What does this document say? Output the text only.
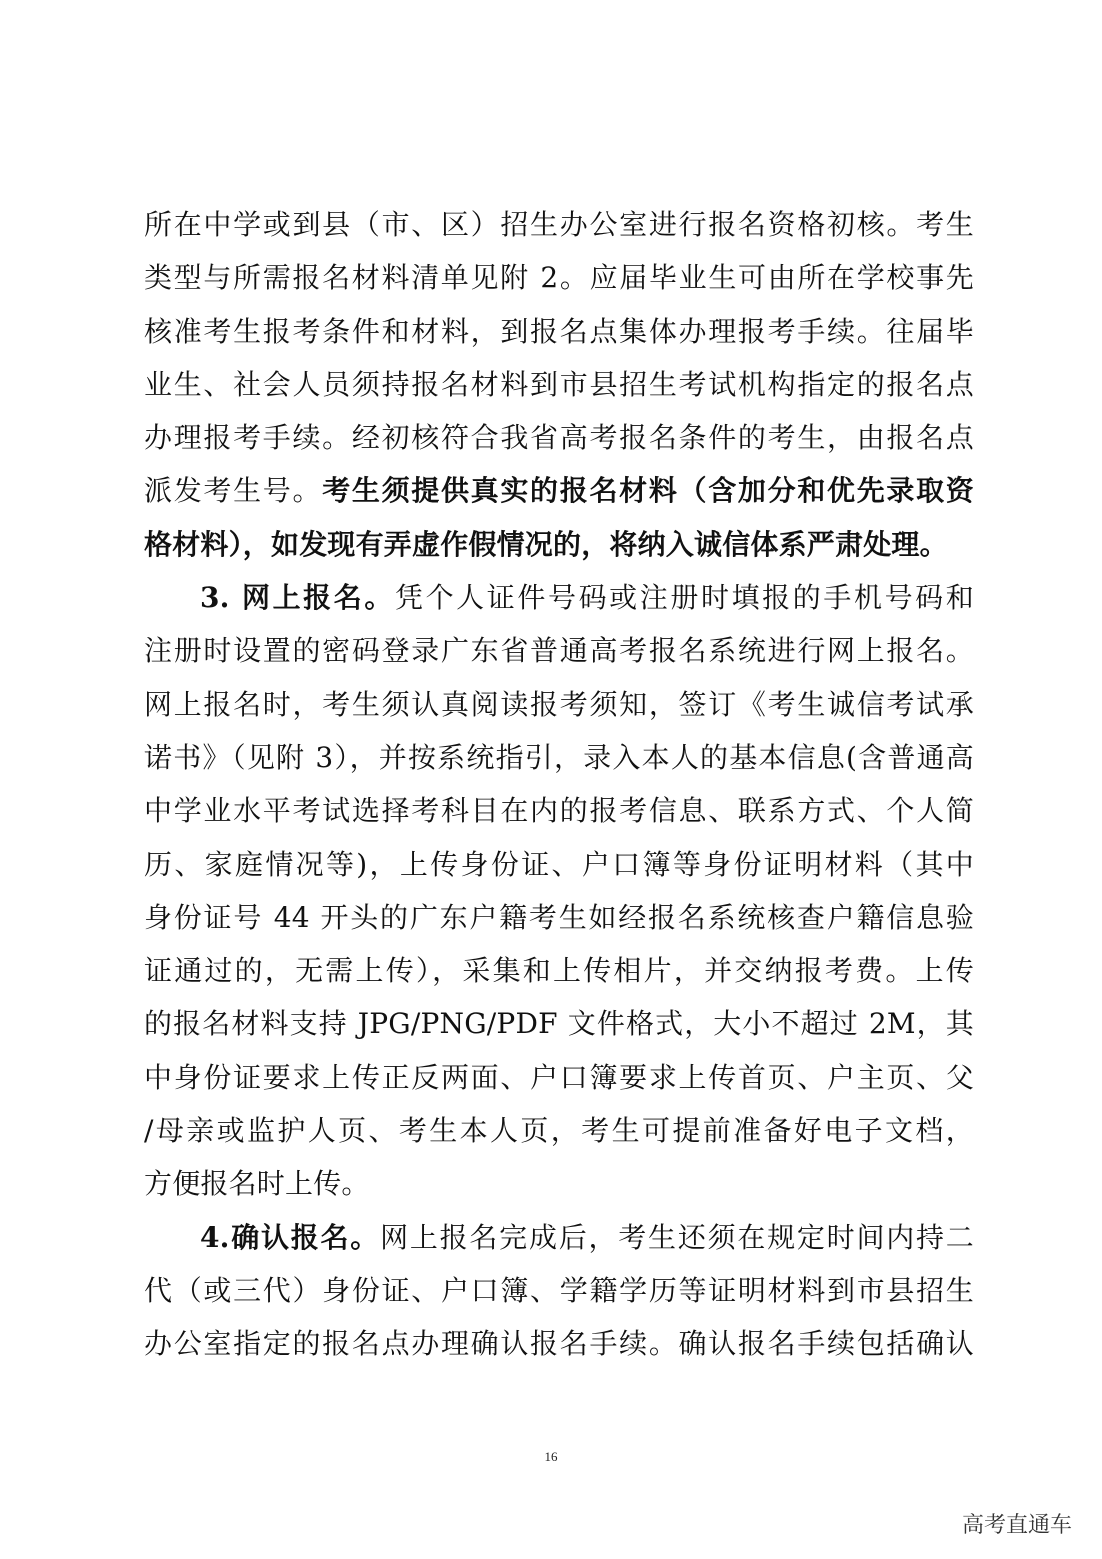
所在中学或到县（市、区）招生办公室进行报名资格初核。考生
类型与所需报名材料清单见附 2。应届毕业生可由所在学校事先
核准考生报考条件和材料，到报名点集体办理报考手续。往届毕
业生、社会人员须持报名材料到市县招生考试机构指定的报名点
办理报考手续。经初核符合我省高考报名条件的考生，由报名点
派发考生号。考生须提供真实的报名材料（含加分和优先录取资
格材料），如发现有弄虚作假情况的，将纳入诚信体系严肃处理。
3. 网上报名。凭个人证件号码或注册时填报的手机号码和
注册时设置的密码登录广东省普通高考报名系统进行网上报名。
网上报名时，考生须认真阅读报考须知，签订《考生诚信考试承
诺书》（见附 3），并按系统指引，录入本人的基本信息(含普通高
中学业水平考试选择考科目在内的报考信息、联系方式、个人简
历、家庭情况等)，上传身份证、户口簿等身份证明材料（其中
身份证号 44 开头的广东户籍考生如经报名系统核查户籍信息验
证通过的，无需上传），采集和上传相片，并交纳报考费。上传
的报名材料支持 JPG/PNG/PDF 文件格式，大小不超过 2M，其
中身份证要求上传正反两面、户口簿要求上传首页、户主页、父
/母亲或监护人页、考生本人页，考生可提前准备好电子文档，
方便报名时上传。
4.确认报名。网上报名完成后，考生还须在规定时间内持二
代（或三代）身份证、户口簿、学籍学历等证明材料到市县招生
办公室指定的报名点办理确认报名手续。确认报名手续包括确认
16
高考直通车
